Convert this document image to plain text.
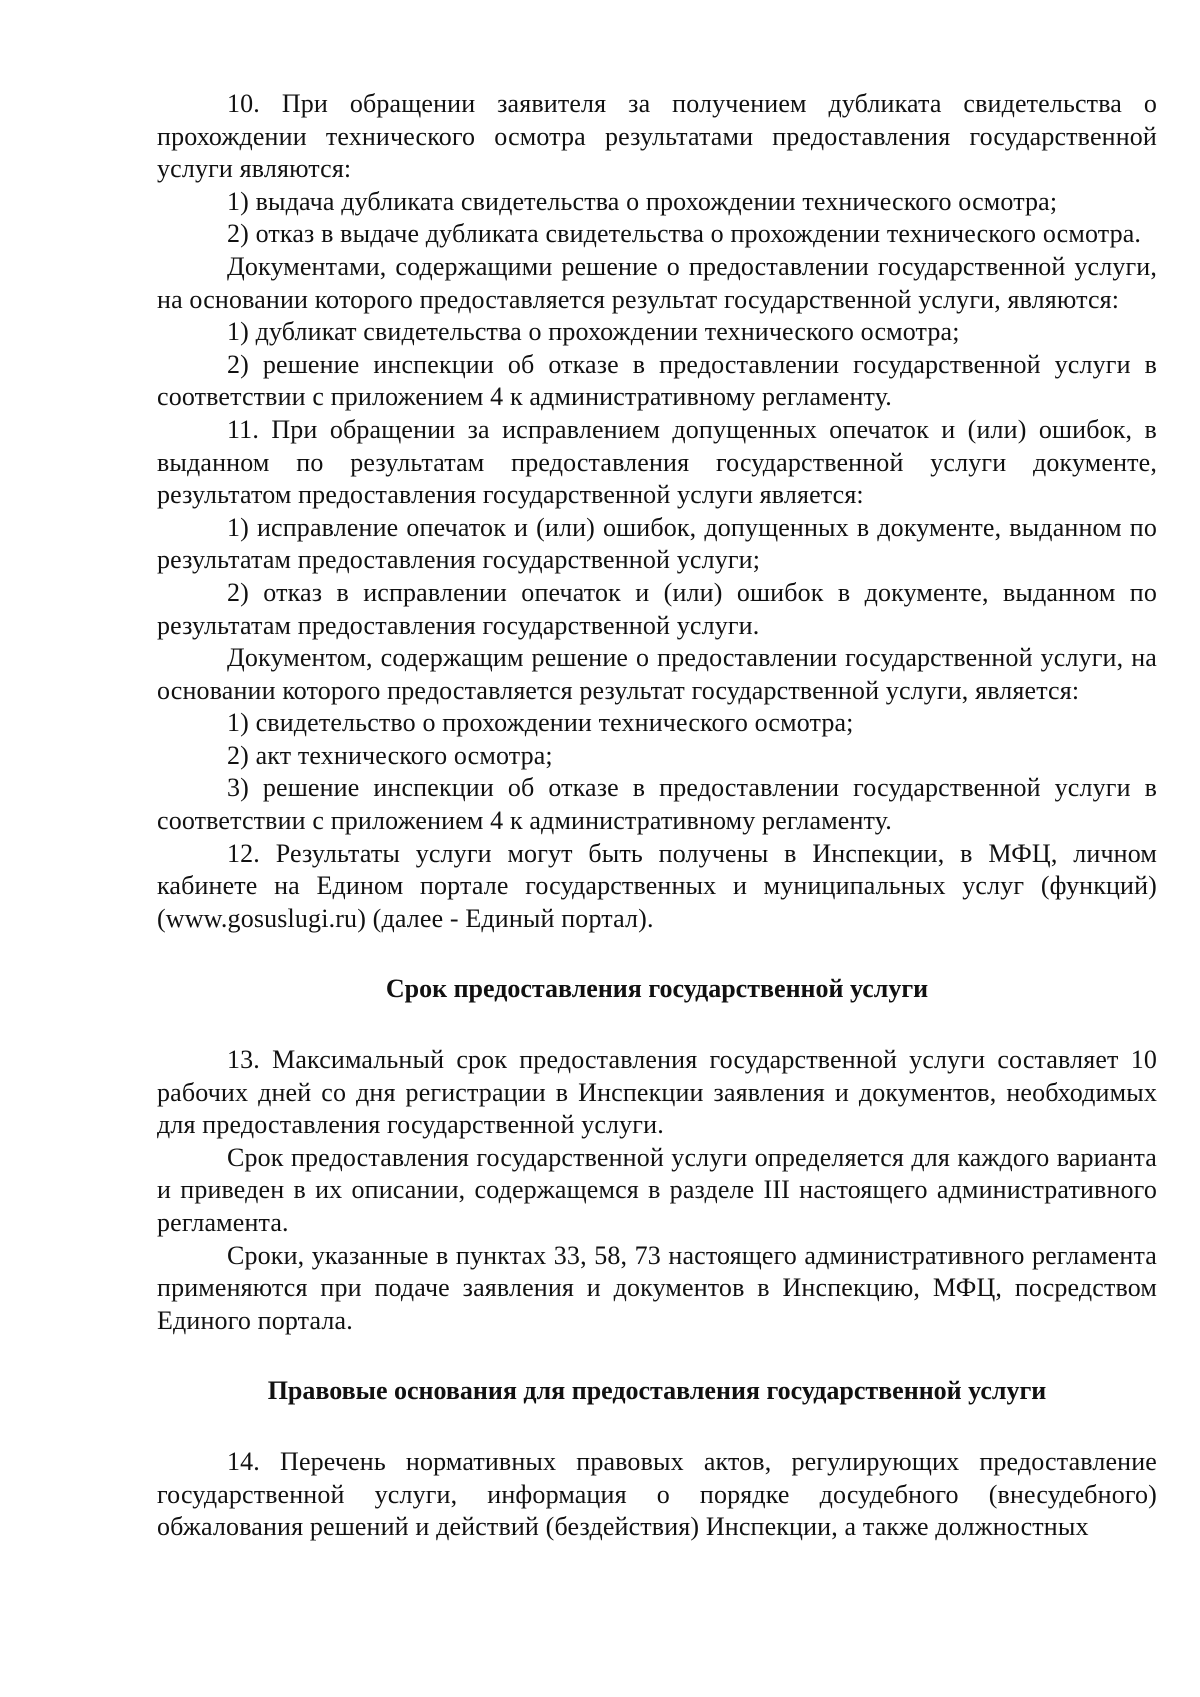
10. При обращении заявителя за получением дубликата свидетельства о прохождении технического осмотра результатами предоставления государственной услуги являются:

1) выдача дубликата свидетельства о прохождении технического осмотра;

2) отказ в выдаче дубликата свидетельства о прохождении технического осмотра.

Документами, содержащими решение о предоставлении государственной услуги, на основании которого предоставляется результат государственной услуги, являются:

1) дубликат свидетельства о прохождении технического осмотра;

2) решение инспекции об отказе в предоставлении государственной услуги в соответствии с приложением 4 к административному регламенту.

11. При обращении за исправлением допущенных опечаток и (или) ошибок, в выданном по результатам предоставления государственной услуги документе, результатом предоставления государственной услуги является:

1) исправление опечаток и (или) ошибок, допущенных в документе, выданном по результатам предоставления государственной услуги;

2) отказ в исправлении опечаток и (или) ошибок в документе, выданном по результатам предоставления государственной услуги.

Документом, содержащим решение о предоставлении государственной услуги, на основании которого предоставляется результат государственной услуги, является:

1) свидетельство о прохождении технического осмотра;

2) акт технического осмотра;

3) решение инспекции об отказе в предоставлении государственной услуги в соответствии с приложением 4 к административному регламенту.

12. Результаты услуги могут быть получены в Инспекции, в МФЦ, личном кабинете на Едином портале государственных и муниципальных услуг (функций) (www.gosuslugi.ru) (далее - Единый портал).

Срок предоставления государственной услуги

13. Максимальный срок предоставления государственной услуги составляет 10 рабочих дней со дня регистрации в Инспекции заявления и документов, необходимых для предоставления государственной услуги.

Срок предоставления государственной услуги определяется для каждого варианта и приведен в их описании, содержащемся в разделе III настоящего административного регламента.

Сроки, указанные в пунктах 33, 58, 73 настоящего административного регламента применяются при подаче заявления и документов в Инспекцию, МФЦ, посредством Единого портала.

Правовые основания для предоставления государственной услуги

14. Перечень нормативных правовых актов, регулирующих предоставление государственной услуги, информация о порядке досудебного (внесудебного) обжалования решений и действий (бездействия) Инспекции, а также должностных
